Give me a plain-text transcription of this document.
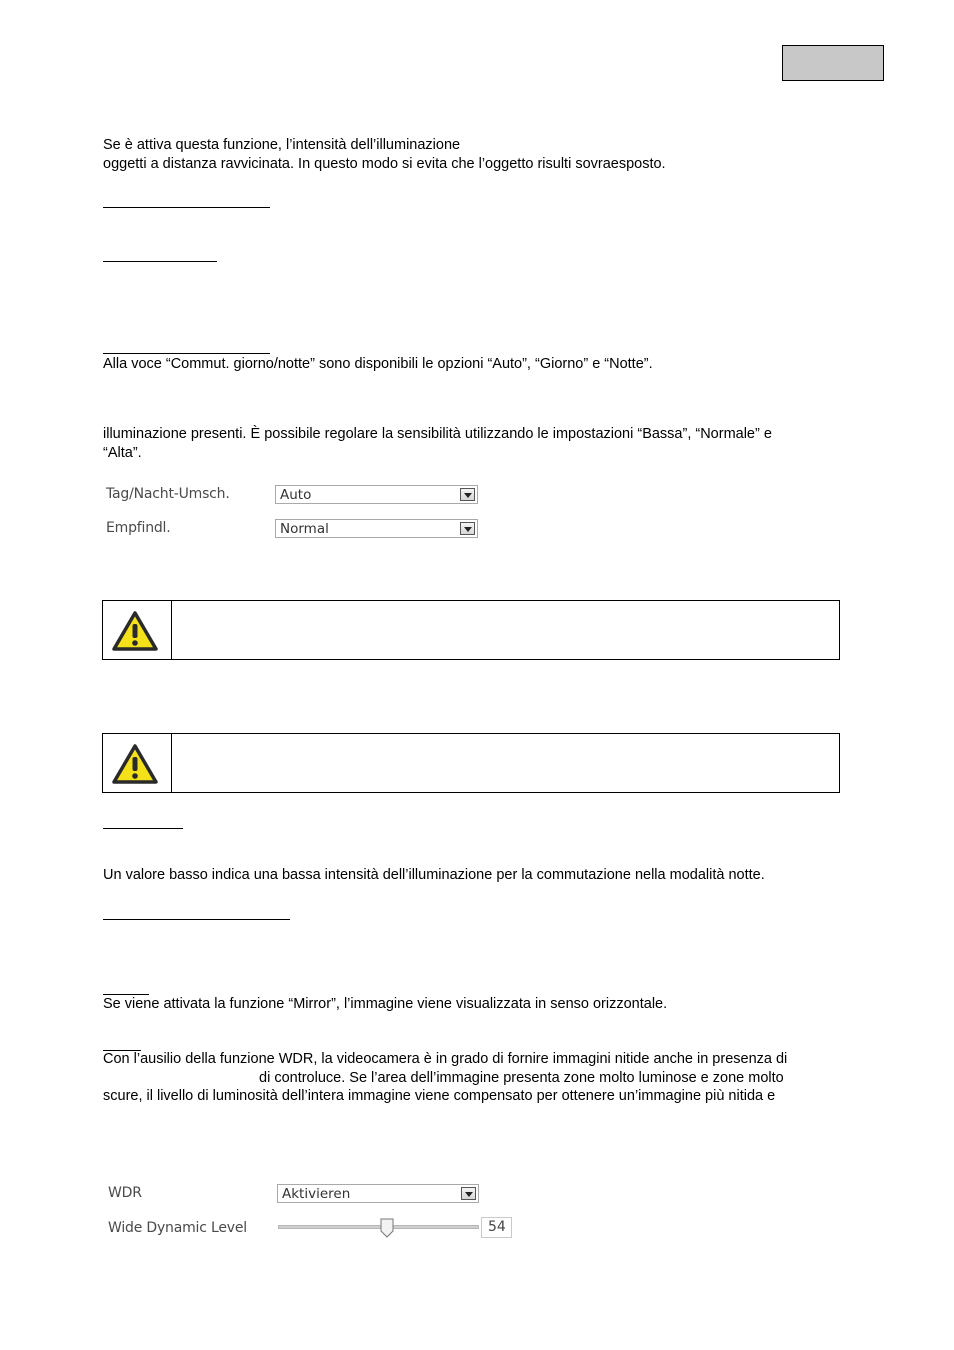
Se è attiva questa funzione, l’intensità dell’illuminazione
oggetti a distanza ravvicinata. In questo modo si evita che l’oggetto risulti sovraesposto.
Alla voce “Commut. giorno/notte” sono disponibili le opzioni “Auto”, “Giorno” e “Notte”.
illuminazione presenti. È possibile regolare la sensibilità utilizzando le impostazioni “Bassa”, “Normale” e
“Alta”.
Tag/Nacht-Umsch.	Auto
Empfindl.	Normal
Un valore basso indica una bassa intensità dell’illuminazione per la commutazione nella modalità notte.
Se viene attivata la funzione “Mirror”, l’immagine viene visualizzata in senso orizzontale.
Con l’ausilio della funzione WDR, la videocamera è in grado di fornire immagini nitide anche in presenza di
di controluce. Se l’area dell’immagine presenta zone molto luminose e zone molto
scure, il livello di luminosità dell’intera immagine viene compensato per ottenere un’immagine più nitida e
WDR	Aktivieren
Wide Dynamic Level	54
